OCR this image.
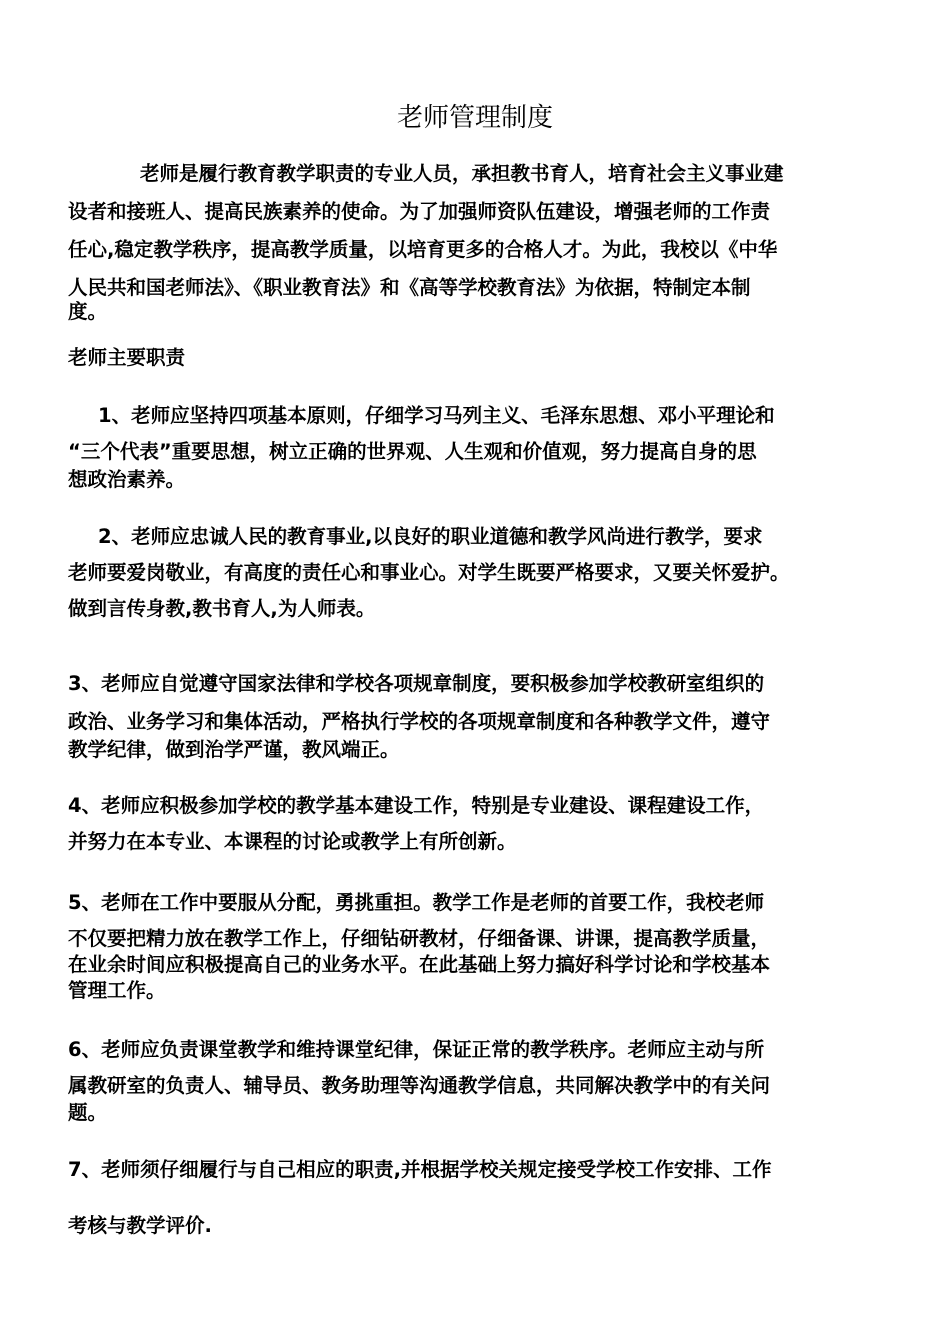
老师管理制度

老师是履行教育教学职责的专业人员，承担教书育人，培育社会主义事业建
设者和接班人、提高民族素养的使命。为了加强师资队伍建设，增强老师的工作责
任心,稳定教学秩序，提高教学质量，以培育更多的合格人才。为此，我校以《中华
人民共和国老师法》、《职业教育法》和《高等学校教育法》为依据，特制定本制
度。

老师主要职责

1、老师应坚持四项基本原则，仔细学习马列主义、毛泽东思想、邓小平理论和
“三个代表”重要思想，树立正确的世界观、人生观和价值观，努力提高自身的思
想政治素养。

2、老师应忠诚人民的教育事业,以良好的职业道德和教学风尚进行教学，要求
老师要爱岗敬业，有高度的责任心和事业心。对学生既要严格要求，又要关怀爱护。
做到言传身教,教书育人,为人师表。

3、老师应自觉遵守国家法律和学校各项规章制度，要积极参加学校教研室组织的
政治、业务学习和集体活动，严格执行学校的各项规章制度和各种教学文件，遵守
教学纪律，做到治学严谨，教风端正。

4、老师应积极参加学校的教学基本建设工作，特别是专业建设、课程建设工作，
并努力在本专业、本课程的讨论或教学上有所创新。

5、老师在工作中要服从分配，勇挑重担。教学工作是老师的首要工作，我校老师
不仅要把精力放在教学工作上，仔细钻研教材，仔细备课、讲课，提高教学质量，
在业余时间应积极提高自己的业务水平。在此基础上努力搞好科学讨论和学校基本
管理工作。

6、老师应负责课堂教学和维持课堂纪律，保证正常的教学秩序。老师应主动与所
属教研室的负责人、辅导员、教务助理等沟通教学信息，共同解决教学中的有关问
题。

7、老师须仔细履行与自己相应的职责,并根据学校关规定接受学校工作安排、工作
考核与教学评价.
